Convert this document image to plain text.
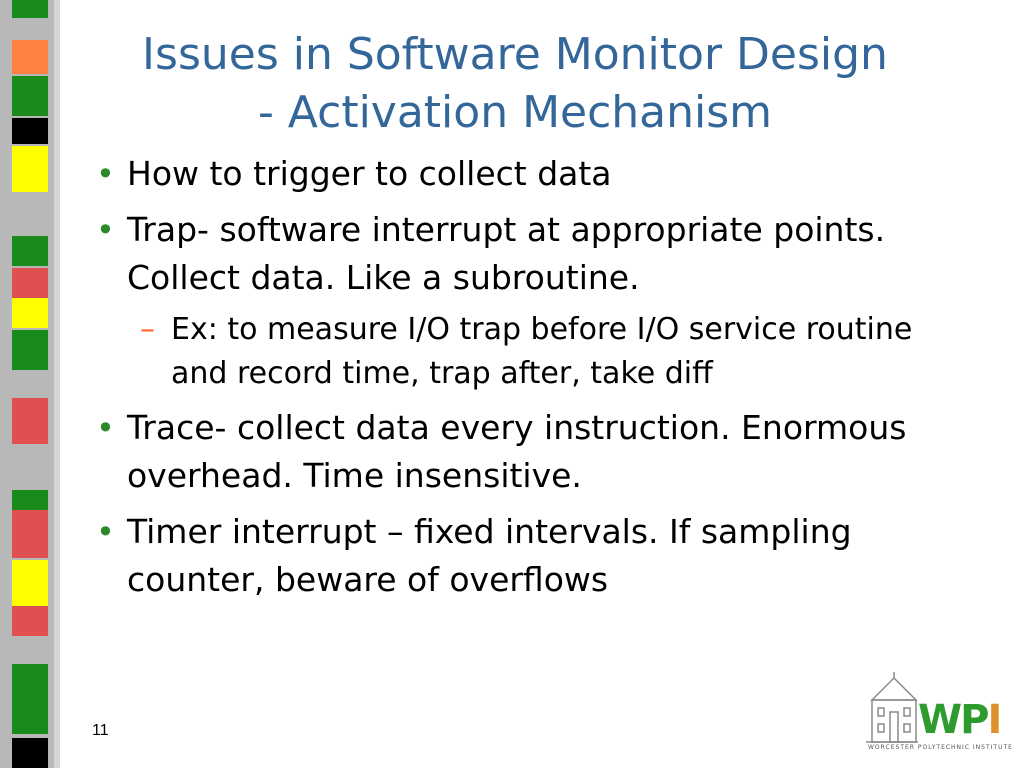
Issues in Software Monitor Design
- Activation Mechanism
• How to trigger to collect data
• Trap- software interrupt at appropriate points. Collect data. Like a subroutine.
– Ex: to measure I/O trap before I/O service routine and record time, trap after, take diff
• Trace- collect data every instruction. Enormous overhead. Time insensitive.
• Timer interrupt – fixed intervals. If sampling counter, beware of overflows
11	WPI
WORCESTER POLYTECHNIC INSTITUTE
